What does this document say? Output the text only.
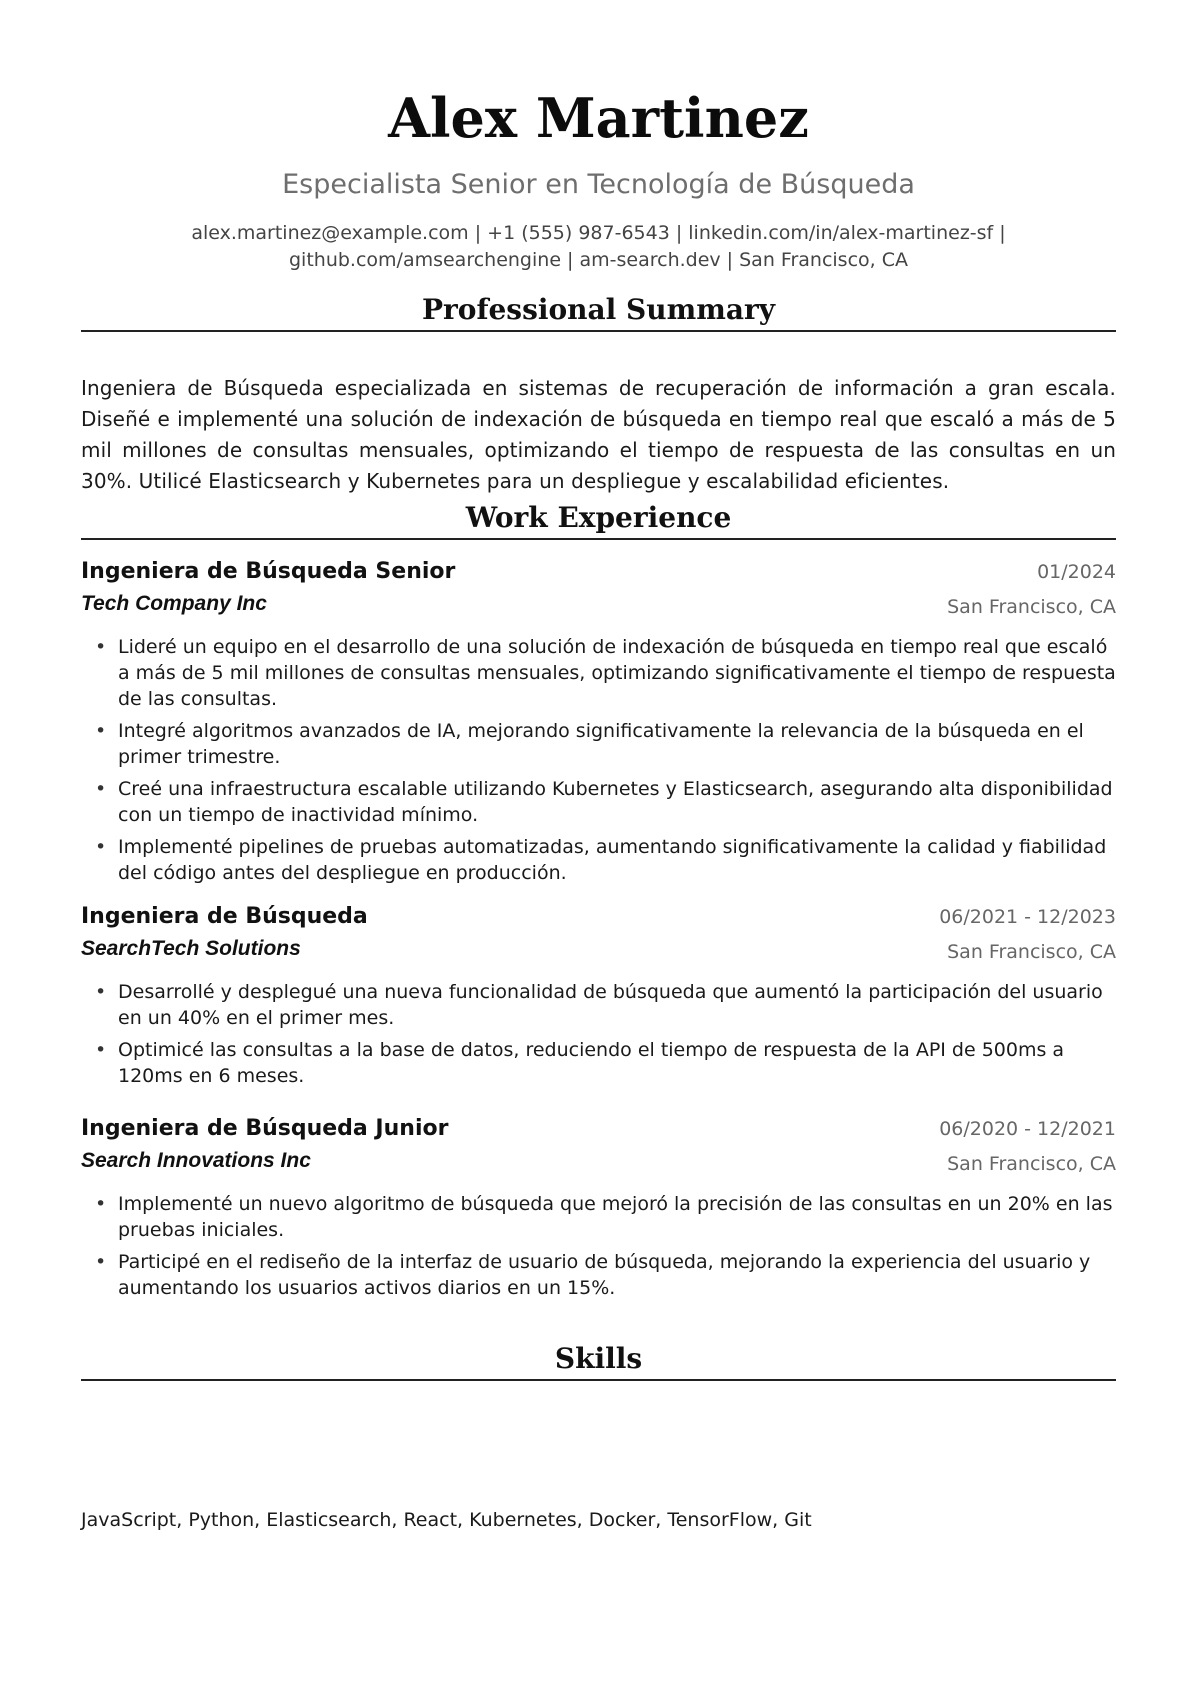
Alex Martinez
Especialista Senior en Tecnología de Búsqueda
alex.martinez@example.com | +1 (555) 987-6543 | linkedin.com/in/alex-martinez-sf |
github.com/amsearchengine | am-search.dev | San Francisco, CA
Professional Summary
Ingeniera de Búsqueda especializada en sistemas de recuperación de información a gran escala. Diseñé e implementé una solución de indexación de búsqueda en tiempo real que escaló a más de 5 mil millones de consultas mensuales, optimizando el tiempo de respuesta de las consultas en un 30%. Utilicé Elasticsearch y Kubernetes para un despliegue y escalabilidad eficientes.
Work Experience
Ingeniera de Búsqueda Senior	01/2024
Tech Company Inc	San Francisco, CA
• Lideré un equipo en el desarrollo de una solución de indexación de búsqueda en tiempo real que escaló a más de 5 mil millones de consultas mensuales, optimizando significativamente el tiempo de respuesta de las consultas.
• Integré algoritmos avanzados de IA, mejorando significativamente la relevancia de la búsqueda en el primer trimestre.
• Creé una infraestructura escalable utilizando Kubernetes y Elasticsearch, asegurando alta disponibilidad con un tiempo de inactividad mínimo.
• Implementé pipelines de pruebas automatizadas, aumentando significativamente la calidad y fiabilidad del código antes del despliegue en producción.
Ingeniera de Búsqueda	06/2021 - 12/2023
SearchTech Solutions	San Francisco, CA
• Desarrollé y desplegué una nueva funcionalidad de búsqueda que aumentó la participación del usuario en un 40% en el primer mes.
• Optimicé las consultas a la base de datos, reduciendo el tiempo de respuesta de la API de 500ms a 120ms en 6 meses.
Ingeniera de Búsqueda Junior	06/2020 - 12/2021
Search Innovations Inc	San Francisco, CA
• Implementé un nuevo algoritmo de búsqueda que mejoró la precisión de las consultas en un 20% en las pruebas iniciales.
• Participé en el rediseño de la interfaz de usuario de búsqueda, mejorando la experiencia del usuario y aumentando los usuarios activos diarios en un 15%.
Skills
JavaScript, Python, Elasticsearch, React, Kubernetes, Docker, TensorFlow, Git
